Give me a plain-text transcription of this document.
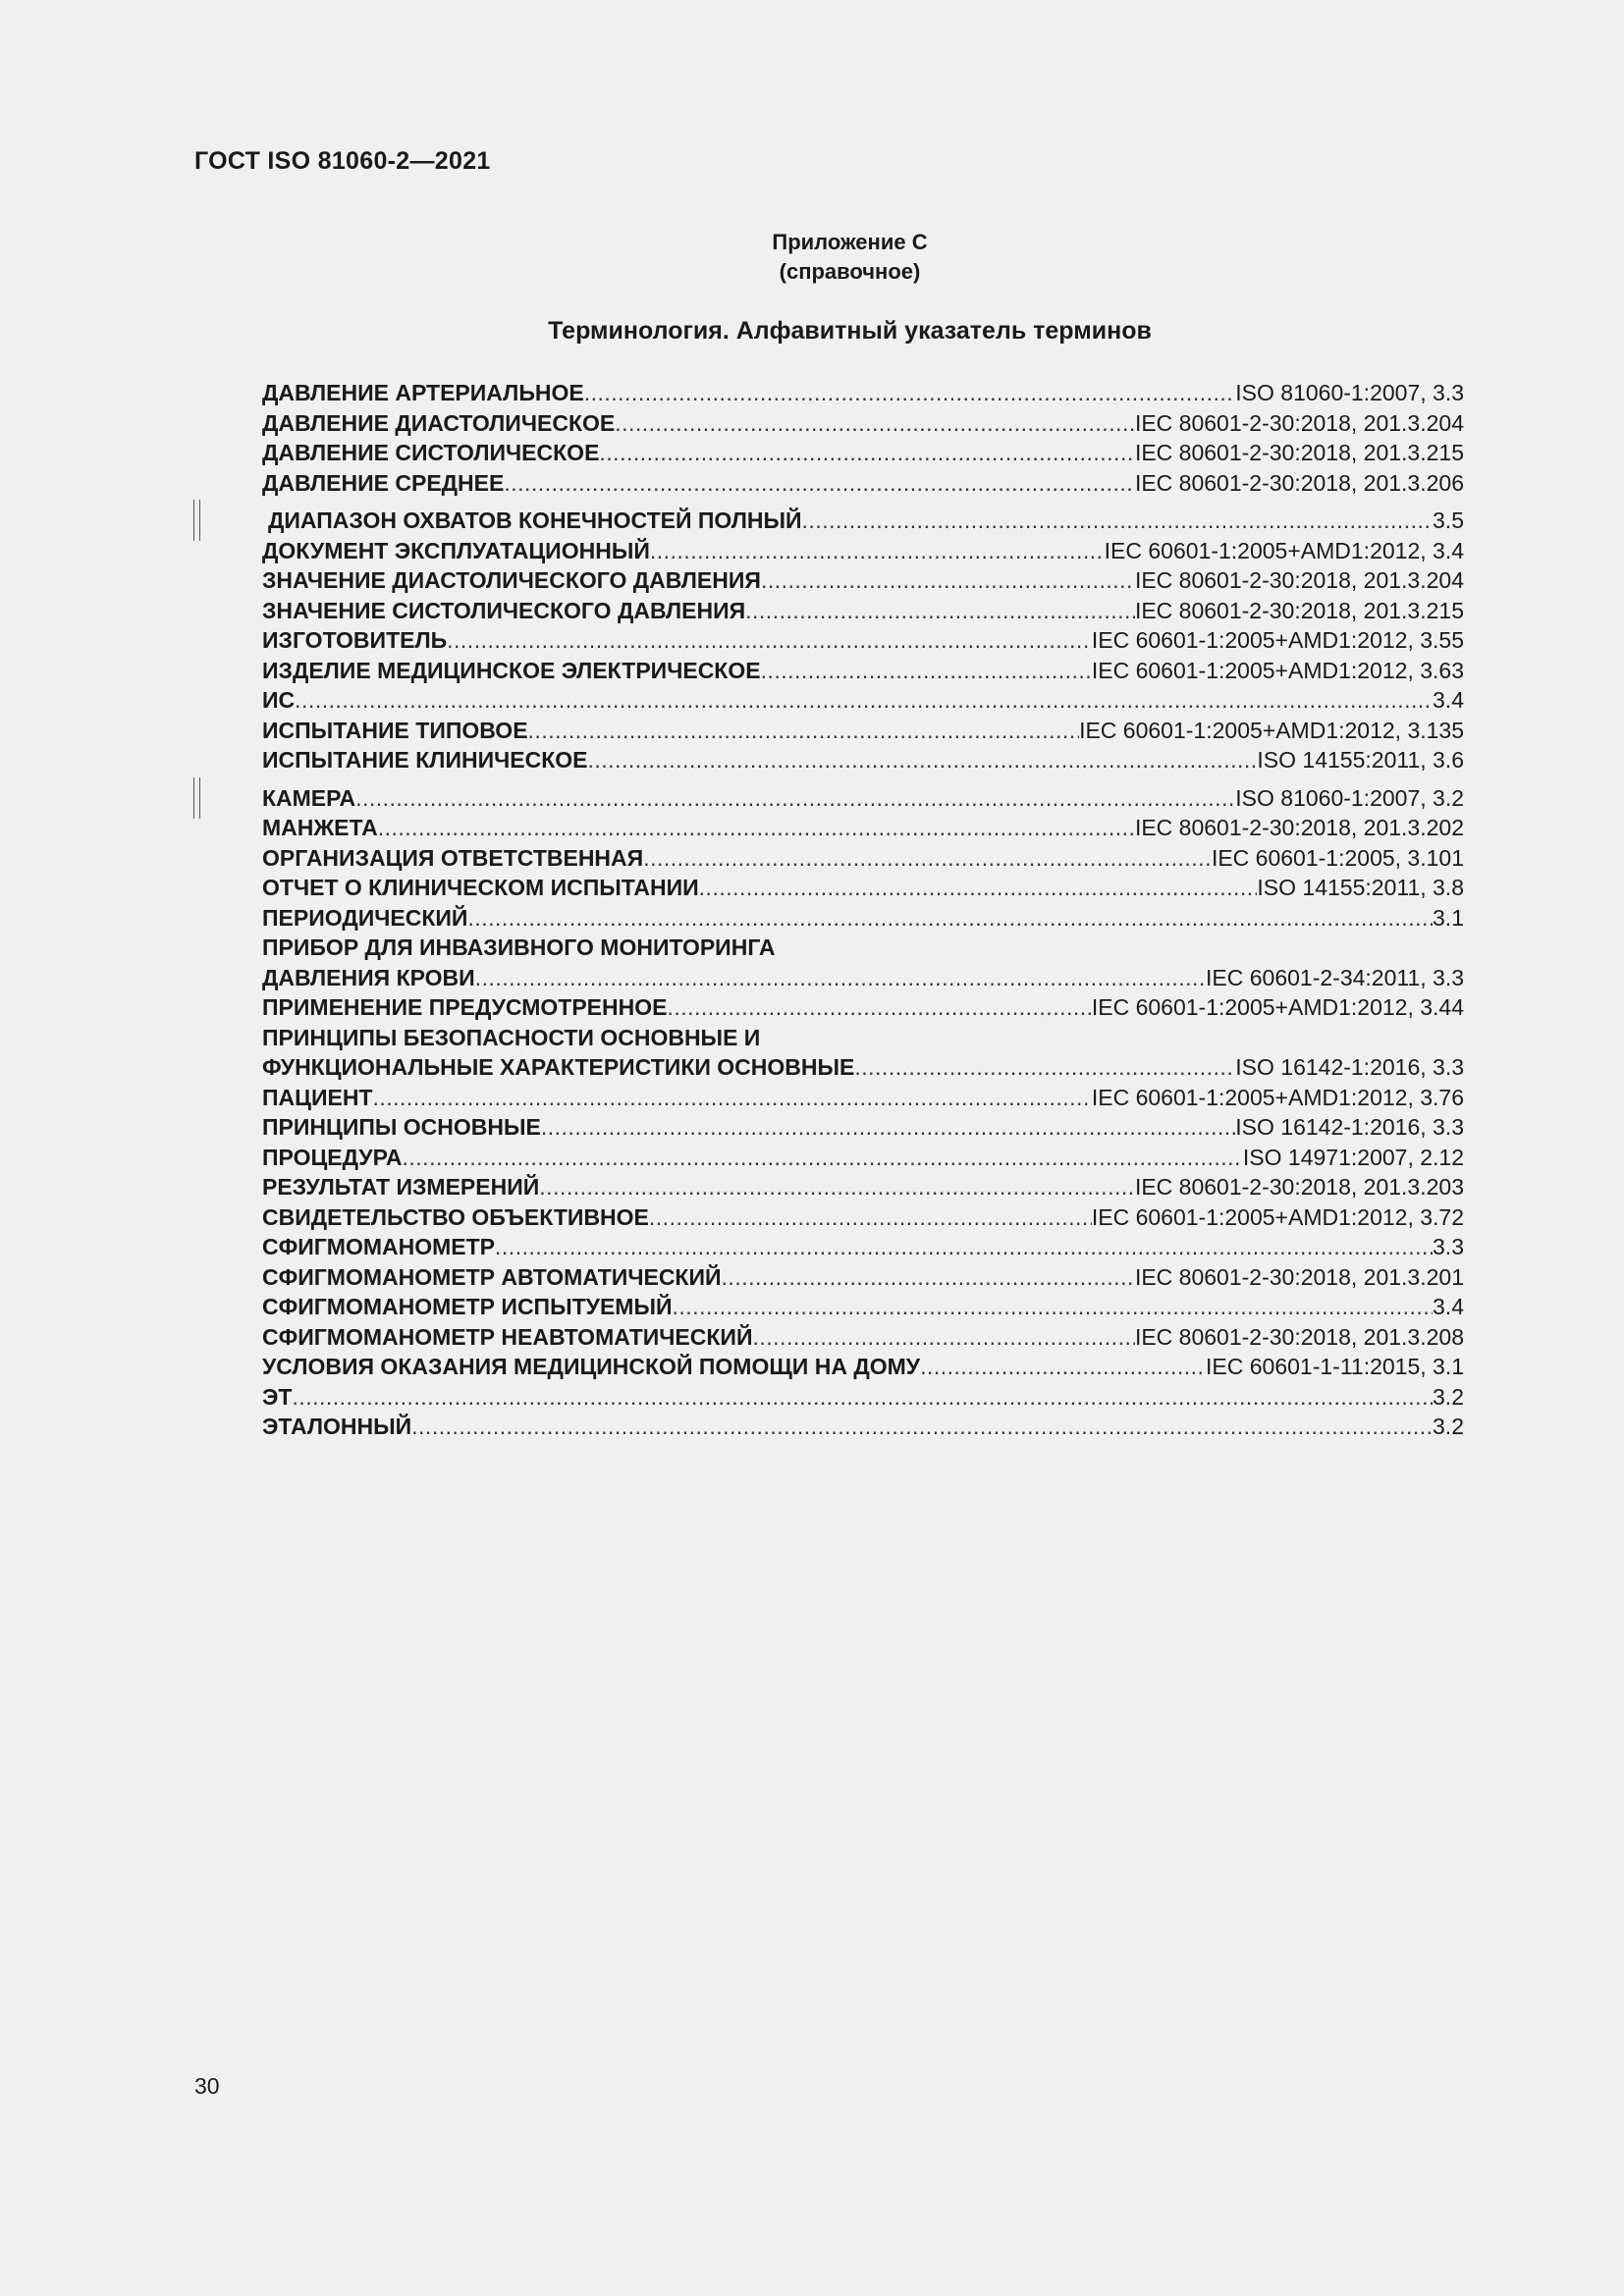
ГОСТ ISO 81060-2—2021
Приложение С
(справочное)
Терминология. Алфавитный указатель терминов
ДАВЛЕНИЕ АРТЕРИАЛЬНОЕ .....	ISO 81060-1:2007, 3.3
ДАВЛЕНИЕ ДИАСТОЛИЧЕСКОЕ .....	IEC 80601-2-30:2018, 201.3.204
ДАВЛЕНИЕ СИСТОЛИЧЕСКОЕ .....	IEC 80601-2-30:2018, 201.3.215
ДАВЛЕНИЕ СРЕДНЕЕ .....	IEC 80601-2-30:2018, 201.3.206
ДИАПАЗОН ОХВАТОВ КОНЕЧНОСТЕЙ ПОЛНЫЙ .....	3.5
ДОКУМЕНТ ЭКСПЛУАТАЦИОННЫЙ .....	IEC 60601-1:2005+AMD1:2012, 3.4
ЗНАЧЕНИЕ ДИАСТОЛИЧЕСКОГО ДАВЛЕНИЯ .....	IEC 80601-2-30:2018, 201.3.204
ЗНАЧЕНИЕ СИСТОЛИЧЕСКОГО ДАВЛЕНИЯ .....	IEC 80601-2-30:2018, 201.3.215
ИЗГОТОВИТЕЛЬ .....	IEC 60601-1:2005+AMD1:2012, 3.55
ИЗДЕЛИЕ МЕДИЦИНСКОЕ ЭЛЕКТРИЧЕСКОЕ .....	IEC 60601-1:2005+AMD1:2012, 3.63
ИС .....	3.4
ИСПЫТАНИЕ ТИПОВОЕ .....	IEC 60601-1:2005+AMD1:2012, 3.135
ИСПЫТАНИЕ КЛИНИЧЕСКОЕ .....	ISO 14155:2011, 3.6
КАМЕРА .....	ISO 81060-1:2007, 3.2
МАНЖЕТА .....	IEC 80601-2-30:2018, 201.3.202
ОРГАНИЗАЦИЯ ОТВЕТСТВЕННАЯ .....	IEC 60601-1:2005, 3.101
ОТЧЕТ О КЛИНИЧЕСКОМ ИСПЫТАНИИ .....	ISO 14155:2011, 3.8
ПЕРИОДИЧЕСКИЙ .....	3.1
ПРИБОР ДЛЯ ИНВАЗИВНОГО МОНИТОРИНГА
ДАВЛЕНИЯ КРОВИ .....	IEC 60601-2-34:2011, 3.3
ПРИМЕНЕНИЕ ПРЕДУСМОТРЕННОЕ .....	IEC 60601-1:2005+AMD1:2012, 3.44
ПРИНЦИПЫ БЕЗОПАСНОСТИ ОСНОВНЫЕ И
ФУНКЦИОНАЛЬНЫЕ ХАРАКТЕРИСТИКИ ОСНОВНЫЕ .....	ISO 16142-1:2016, 3.3
ПАЦИЕНТ .....	IEC 60601-1:2005+AMD1:2012, 3.76
ПРИНЦИПЫ ОСНОВНЫЕ .....	ISO 16142-1:2016, 3.3
ПРОЦЕДУРА .....	ISO 14971:2007, 2.12
РЕЗУЛЬТАТ ИЗМЕРЕНИЙ .....	IEC 80601-2-30:2018, 201.3.203
СВИДЕТЕЛЬСТВО ОБЪЕКТИВНОЕ .....	IEC 60601-1:2005+AMD1:2012, 3.72
СФИГМОМАНОМЕТР .....	3.3
СФИГМОМАНОМЕТР АВТОМАТИЧЕСКИЙ .....	IEC 80601-2-30:2018, 201.3.201
СФИГМОМАНОМЕТР ИСПЫТУЕМЫЙ .....	3.4
СФИГМОМАНОМЕТР НЕАВТОМАТИЧЕСКИЙ .....	IEC 80601-2-30:2018, 201.3.208
УСЛОВИЯ ОКАЗАНИЯ МЕДИЦИНСКОЙ ПОМОЩИ НА ДОМУ .....	IEC 60601-1-11:2015, 3.1
ЭТ .....	3.2
ЭТАЛОННЫЙ .....	3.2
30
